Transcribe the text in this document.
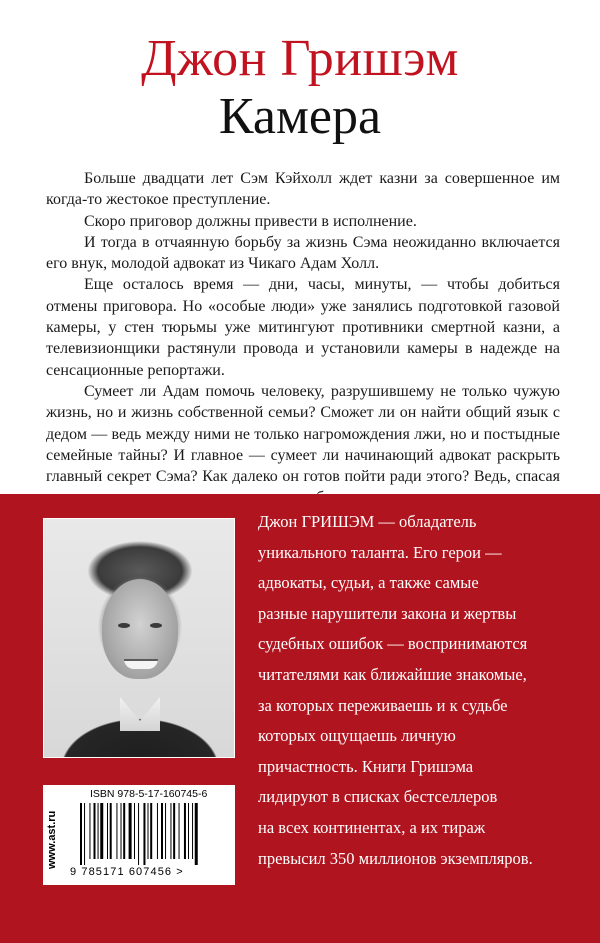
Джон Гришэм
Камера

Больше двадцати лет Сэм Кэйхолл ждет казни за совершенное им когда-то жестокое преступление.

Скоро приговор должны привести в исполнение.

И тогда в отчаянную борьбу за жизнь Сэма неожиданно включается его внук, молодой адвокат из Чикаго Адам Холл.

Еще осталось время — дни, часы, минуты, — чтобы добиться отмены приговора. Но «особые люди» уже занялись подготовкой газовой камеры, у стен тюрьмы уже митингуют противники смертной казни, а телевизионщики растянули провода и установили камеры в надежде на сенсационные репортажи.

Сумеет ли Адам помочь человеку, разрушившему не только чужую жизнь, но и жизнь собственной семьи? Сможет ли он найти общий язык с дедом — ведь между ними не только нагромождения лжи, но и постыдные семейные тайны? И главное — сумеет ли начинающий адвокат раскрыть главный секрет Сэма? Как далеко он готов пойти ради этого? Ведь, спасая

Джон ГРИШЭМ — обладатель
уникального таланта. Его герои —
адвокаты, судьи, а также самые
разные нарушители закона и жертвы
судебных ошибок — воспринимаются
читателями как ближайшие знакомые,
за которых переживаешь и к судьбе
которых ощущаешь личную
причастность. Книги Гришэма
лидируют в списках бестселлеров
на всех континентах, а их тираж
превысил 350 миллионов экземпляров.
www.ast.ru
ISBN 978-5-17-160745-6
9 785171 607456 >
